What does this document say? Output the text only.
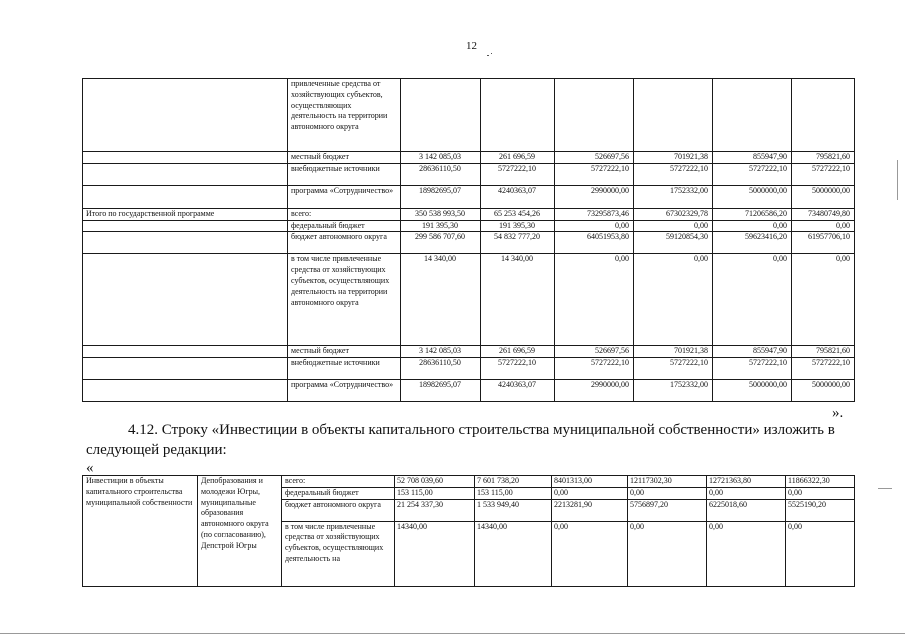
12
	привлеченные средства от хозяйствующих субъектов, осуществляющих деятельность на территории автономного округа						
	местный бюджет	3 142 085,03	261 696,59	526697,56	701921,38	855947,90	795821,60
	внебюджетные источники	28636110,50	5727222,10	5727222,10	5727222,10	5727222,10	5727222,10
	программа «Сотрудничество»	18982695,07	4240363,07	2990000,00	1752332,00	5000000,00	5000000,00
Итого по государственной программе	всего:	350 538 993,50	65 253 454,26	73295873,46	67302329,78	71206586,20	73480749,80
	федеральный бюджет	191 395,30	191 395,30	0,00	0,00	0,00	0,00
	бюджет автономного округа	299 586 707,60	54 832 777,20	64051953,80	59120854,30	59623416,20	61957706,10
	в том числе привлеченные средства от хозяйствующих субъектов, осуществляющих деятельность на территории автономного округа	14 340,00	14 340,00	0,00	0,00	0,00	0,00
	местный бюджет	3 142 085,03	261 696,59	526697,56	701921,38	855947,90	795821,60
	внебюджетные источники	28636110,50	5727222,10	5727222,10	5727222,10	5727222,10	5727222,10
	программа «Сотрудничество»	18982695,07	4240363,07	2990000,00	1752332,00	5000000,00	5000000,00
».
4.12. Строку «Инвестиции в объекты капитального строительства муниципальной собственности» изложить в следующей редакции:
«
Инвестиции в объекты капитального строительства муниципальной собственности	Депобразования и молодежи Югры, муниципальные образования автономного округа (по согласованию), Депстрой Югры	всего:	52 708 039,60	7 601 738,20	8401313,00	12117302,30	12721363,80	11866322,30
		федеральный бюджет	153 115,00	153 115,00	0,00	0,00	0,00	0,00
		бюджет автономного округа	21 254 337,30	1 533 949,40	2213281,90	5756897,20	6225018,60	5525190,20
		в том числе привлеченные средства от хозяйствующих субъектов, осуществляющих деятельность на	14340,00	14340,00	0,00	0,00	0,00	0,00
